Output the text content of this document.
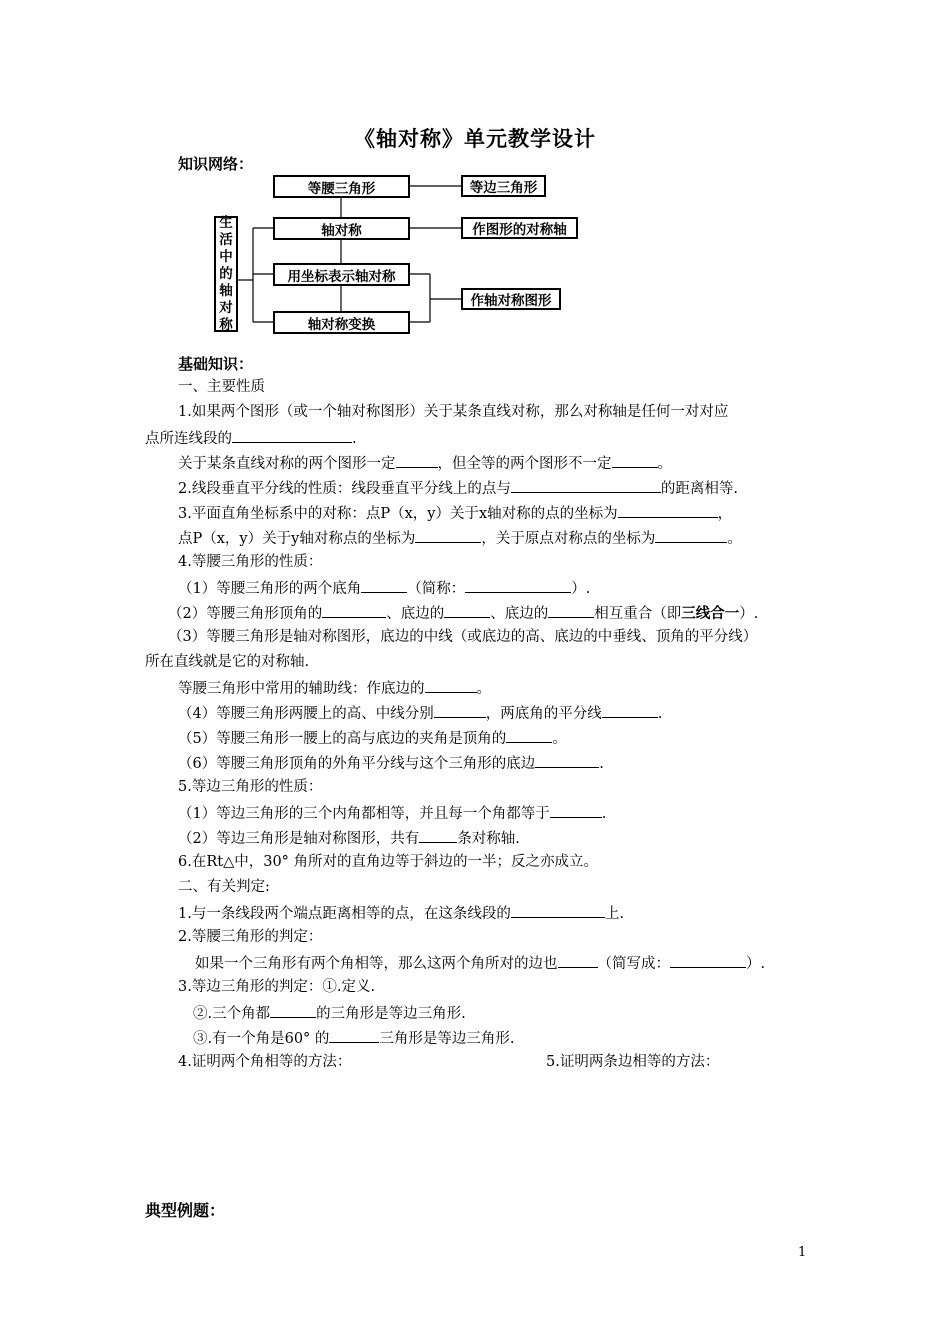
《轴对称》单元教学设计
知识网络：
生
活
中
的
轴
对
称
等腰三角形
轴对称
用坐标表示轴对称
轴对称变换
等边三角形
作图形的对称轴
作轴对称图形
基础知识：
一、主要性质
1.如果两个图形（或一个轴对称图形）关于某条直线对称，那么对称轴是任何一对对应
点所连线段的	.
关于某条直线对称的两个图形一定	，但全等的两个图形不一定	。
2.线段垂直平分线的性质：线段垂直平分线上的点与	的距离相等.
3.平面直角坐标系中的对称：点P（x，y）关于x轴对称的点的坐标为	，
点P（x，y）关于y轴对称点的坐标为	，关于原点对称点的坐标为	。
4.等腰三角形的性质：
（1）等腰三角形的两个底角	（简称：	）.
（2）等腰三角形顶角的	、底边的	、底边的	相互重合（即三线合一）.
（3）等腰三角形是轴对称图形，底边的中线（或底边的高、底边的中垂线、顶角的平分线）
所在直线就是它的对称轴.
等腰三角形中常用的辅助线：作底边的	。
（4）等腰三角形两腰上的高、中线分别	，两底角的平分线	.
（5）等腰三角形一腰上的高与底边的夹角是顶角的	。
（6）等腰三角形顶角的外角平分线与这个三角形的底边	.
5.等边三角形的性质：
（1）等边三角形的三个内角都相等，并且每一个角都等于	.
（2）等边三角形是轴对称图形，共有	条对称轴.
6.在Rt△中，30° 角所对的直角边等于斜边的一半；反之亦成立。
二、有关判定:
1.与一条线段两个端点距离相等的点，在这条线段的	上.
2.等腰三角形的判定：
如果一个三角形有两个角相等，那么这两个角所对的边也	（简写成：	）.
3.等边三角形的判定：①.定义.
②.三个角都	的三角形是等边三角形.
③.有一个角是60° 的	三角形是等边三角形.
4.证明两个角相等的方法：	5.证明两条边相等的方法：
典型例题：
1
